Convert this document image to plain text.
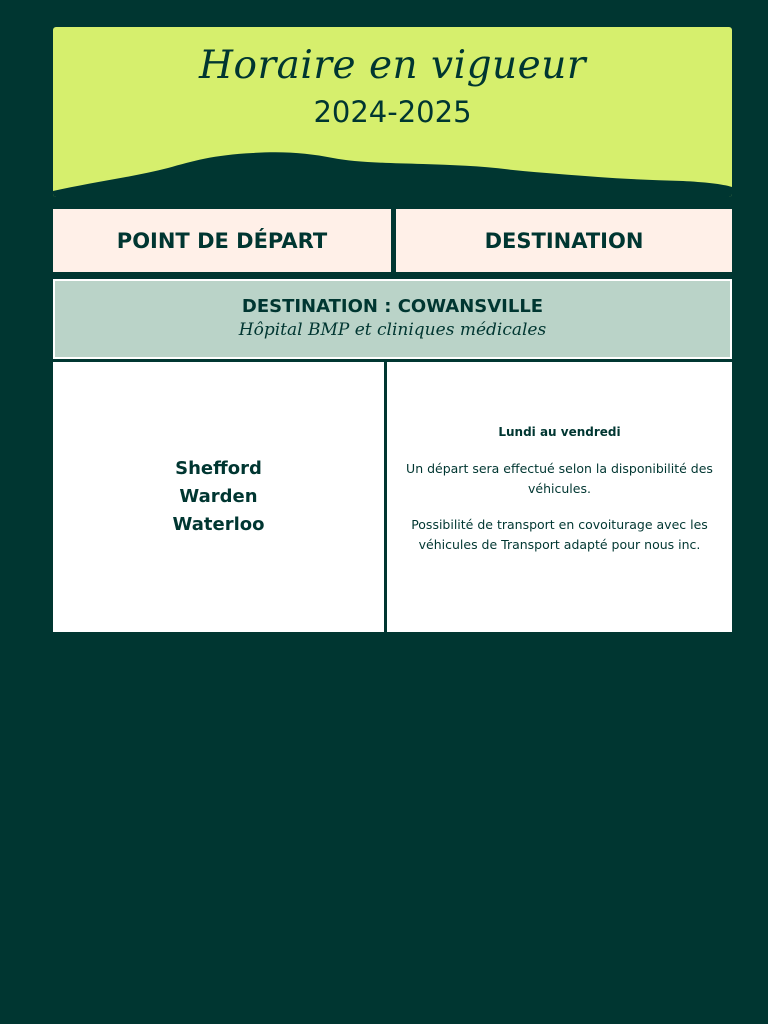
Horaire en vigueur
2024-2025
POINT DE DÉPART	DESTINATION
DESTINATION : COWANSVILLE
Hôpital BMP et cliniques médicales
Shefford
Warden
Waterloo
Lundi au vendredi
Un départ sera effectué selon la disponibilité des véhicules.
Possibilité de transport en covoiturage avec les véhicules de Transport adapté pour nous inc.
